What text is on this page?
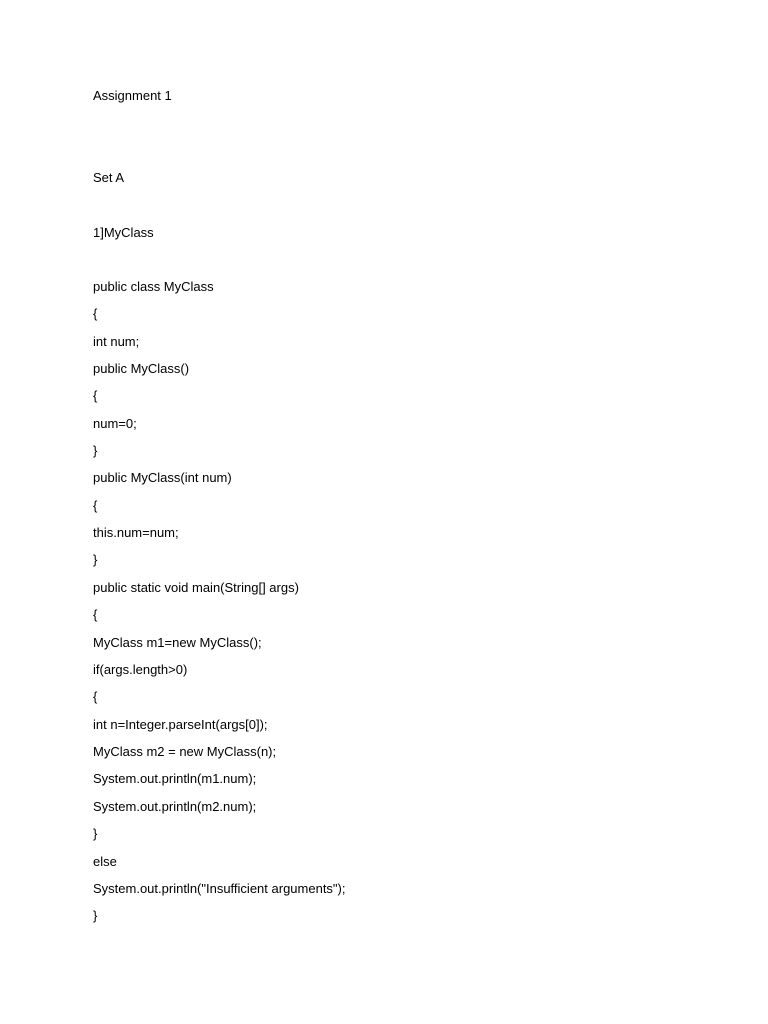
Assignment 1
Set A
1]MyClass
public class MyClass
{
int num;
public MyClass()
{
num=0;
}
public MyClass(int num)
{
this.num=num;
}
public static void main(String[] args)
{
MyClass m1=new MyClass();
if(args.length>0)
{
int n=Integer.parseInt(args[0]);
MyClass m2 = new MyClass(n);
System.out.println(m1.num);
System.out.println(m2.num);
}
else
System.out.println("Insufficient arguments");
}
